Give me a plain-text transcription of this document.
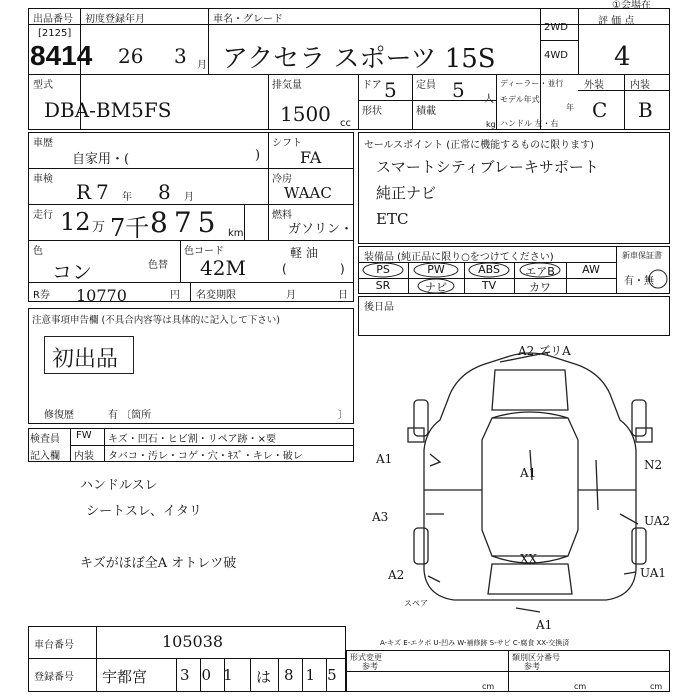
出品番号
[2125]
8414
初度登録年月
26 3 月
車名・グレード
アクセラ スポーツ 15S
2WD
4WD
評 価 点
4
①会場在
型式
DBA-BM5FS
排気量
1500 cc
ドア 5 定員 5 人
形状	積載
kg
ディーラー・並行
モデル年式
年
ハンドル 左・右
外装	内装
C B
車歴
自家用・(	)
シフト
FA
車検
R 7 年 8 月
冷房
WAAC
走行 12 万 7千 875 km
燃料
ガソリン・
軽 油
(	)
色
コン	色替
色コード
42M
R券 10770	円 名変期限	月	日
注意事項申告欄 (不具合内容等は具体的に記入して下さい)
初出品
修復歴	有 〔箇所	〕
セールスポイント (正常に機能するものに限ります)
スマートシティブレーキサポート
純正ナビ
ETC
装備品 (純正品に限り○をつけてください)	新車保証書
有・無
PS	PW	ABS	エアB	AW
SR	ナビ	TV	カワ
後日品
検査員
記入欄
FW キズ・凹石・ヒビ割・リペア跡・×要
内装 タバコ・汚レ・コゲ・穴・ｷｽﾞ・キレ・破レ
ハンドルスレ
シートスレ、イタリ
キズがほぼ全A オトレツ破
A2 ズリA
A1
A1	N2
A3	UA2
A2
XX
UA1
A1
スペア
A-キズ E-エクボ U-凹み W-補修跡 S-サビ C-腐食 XX-交換済
車台番号	105038
登録番号 宇都宮 301 は 815
形式変更
参考
類別区分番号
参考
cm	cm	cm
